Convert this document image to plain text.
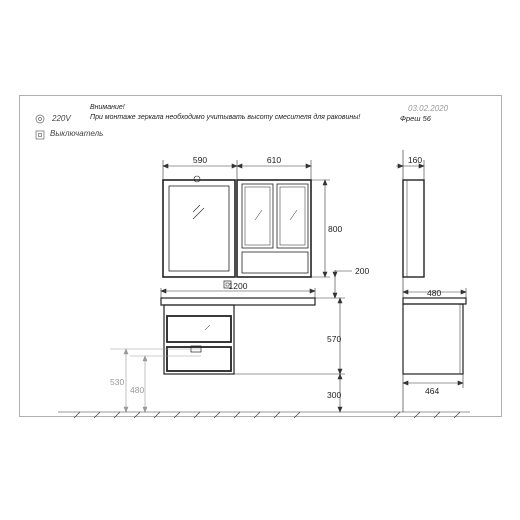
590	610	160
800
200
1200
570
300
530
480
480
464
Внимание!
При монтаже зеркала необходимо учитывать высоту смесителя для раковины!
03.02.2020
Фреш 56
220V
Выключатель
